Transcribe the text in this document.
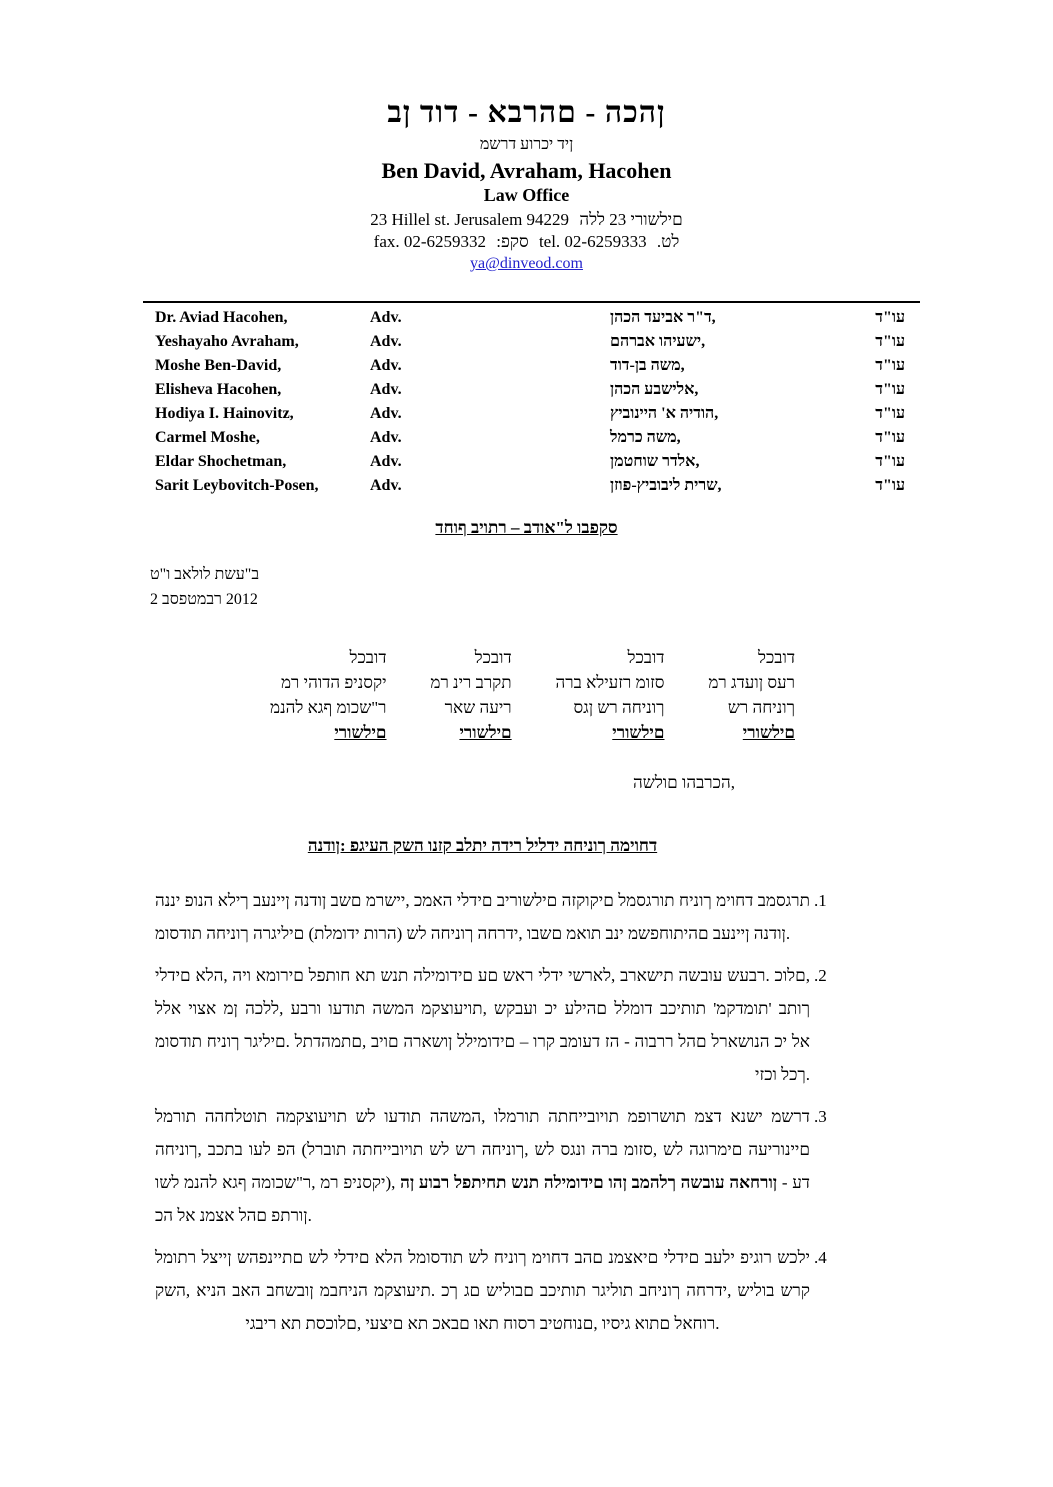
בן דוד - אברהם - הכהן
משרד עורכי דין
Ben David, Avraham, Hacohen
Law Office
23 Hillel st. Jerusalem 94229 הלל 23 ירושלים
fax. 02-6259332 :פקס tel. 02-6259333 .טל
ya@dinveod.com
Dr. Aviad Hacohen,	Adv.	ד"ר אביעד הכהן,	עו"ד
Yeshayaho Avraham,	Adv.	ישעיהו אברהם,	עו"ד
Moshe Ben-David,	Adv.	משה בן-דוד,	עו"ד
Elisheva Hacohen,	Adv.	אלישבע הכהן,	עו"ד
Hodiya I. Hainovitz,	Adv.	הודיה א' היינוביץ,	עו"ד
Carmel Moshe,	Adv.	משה כרמל,	עו"ד
Eldar Shochetman,	Adv.	אלדר שוחטמן,	עו"ד
Sarit Leybovitch-Posen,	Adv.	שרית ליבוביץ-פוזן,	עו"ד
דחוף ביותר – בדוא"ל ובפקס
ט"ו באלול תשע"ב
2 בספטמבר 2012
לכבוד
מר יהודה פינסקי
מנהל אגף מוכש"ר
ירושלים
לכבוד
מר ניר ברקת
ראש העיר
ירושלים
לכבוד
הרב אליעזר מוזס
סגן שר החינוך
ירושלים
לכבוד
מר גדעון סער
שר החינוך
ירושלים
השלום והברכה,
הנדון: פגיעה קשה ונזק בלתי הדיר לילדי החינוך המיוחד
.1
הנני פונה אליך בעניין הנדון בשם מרשיי, כמאה ילדים בירושלים הזקוקים למסגרות חינוך מיוחד במסגרת מוסדות החינוך הרגילים (תלמודי תורה) של החינוך החרדי, ובשם מאות בני משפחותיהם בעניין הנדון.
.2
ילדים אלה, היו אמורים לפתוח את שנת הלימודים עם שאר ילדי ישראל, בראשית השבוע שעבר. כולם, ללא יוצא מן הכלל, עברו ועדות השמה מקצועיות, שקבעו כי עליהם ללמוד בכיתות 'מקדמות' בתוך מוסדות חינוך רגילים. לתדהמתם, ביום הראשון ללימודים – ורק במועד זה - הוברר להם לראשונה כי לא יזכו לכך.
.3
למרות ההחלטות המקצועיות של ועדות ההשמה, ולמרות התחייבויות מפורשות מצד אנשי משרד החינוך, בכתב ועל פה (לרבות התחייבויות של שר החינוך, של סגנו הרב מוזס, של הגורמים העירוניים ושל מנהל אגף המוכש"ר, מר פינסקי), הן עובר לפתיחת שנת הלימודים והן במהלך השבוע האחרון - עד כה לא נמצא להם פתרון.
.4
למותר לציין שהפנייתם של ילדים אלה למוסדות של חינוך מיוחד בהם נמצאים ילדים בעלי פיגור שכלי קשה, אינה באה בחשבון מבחינה מקצועית. כך גם שילובם בכיתות רגילות בחינוך החרדי, שילוב שרק יגביר את תסכולם, יעצים את כאבם ואת חוסר ביטחונם, ויסיג אותם לאחור.
